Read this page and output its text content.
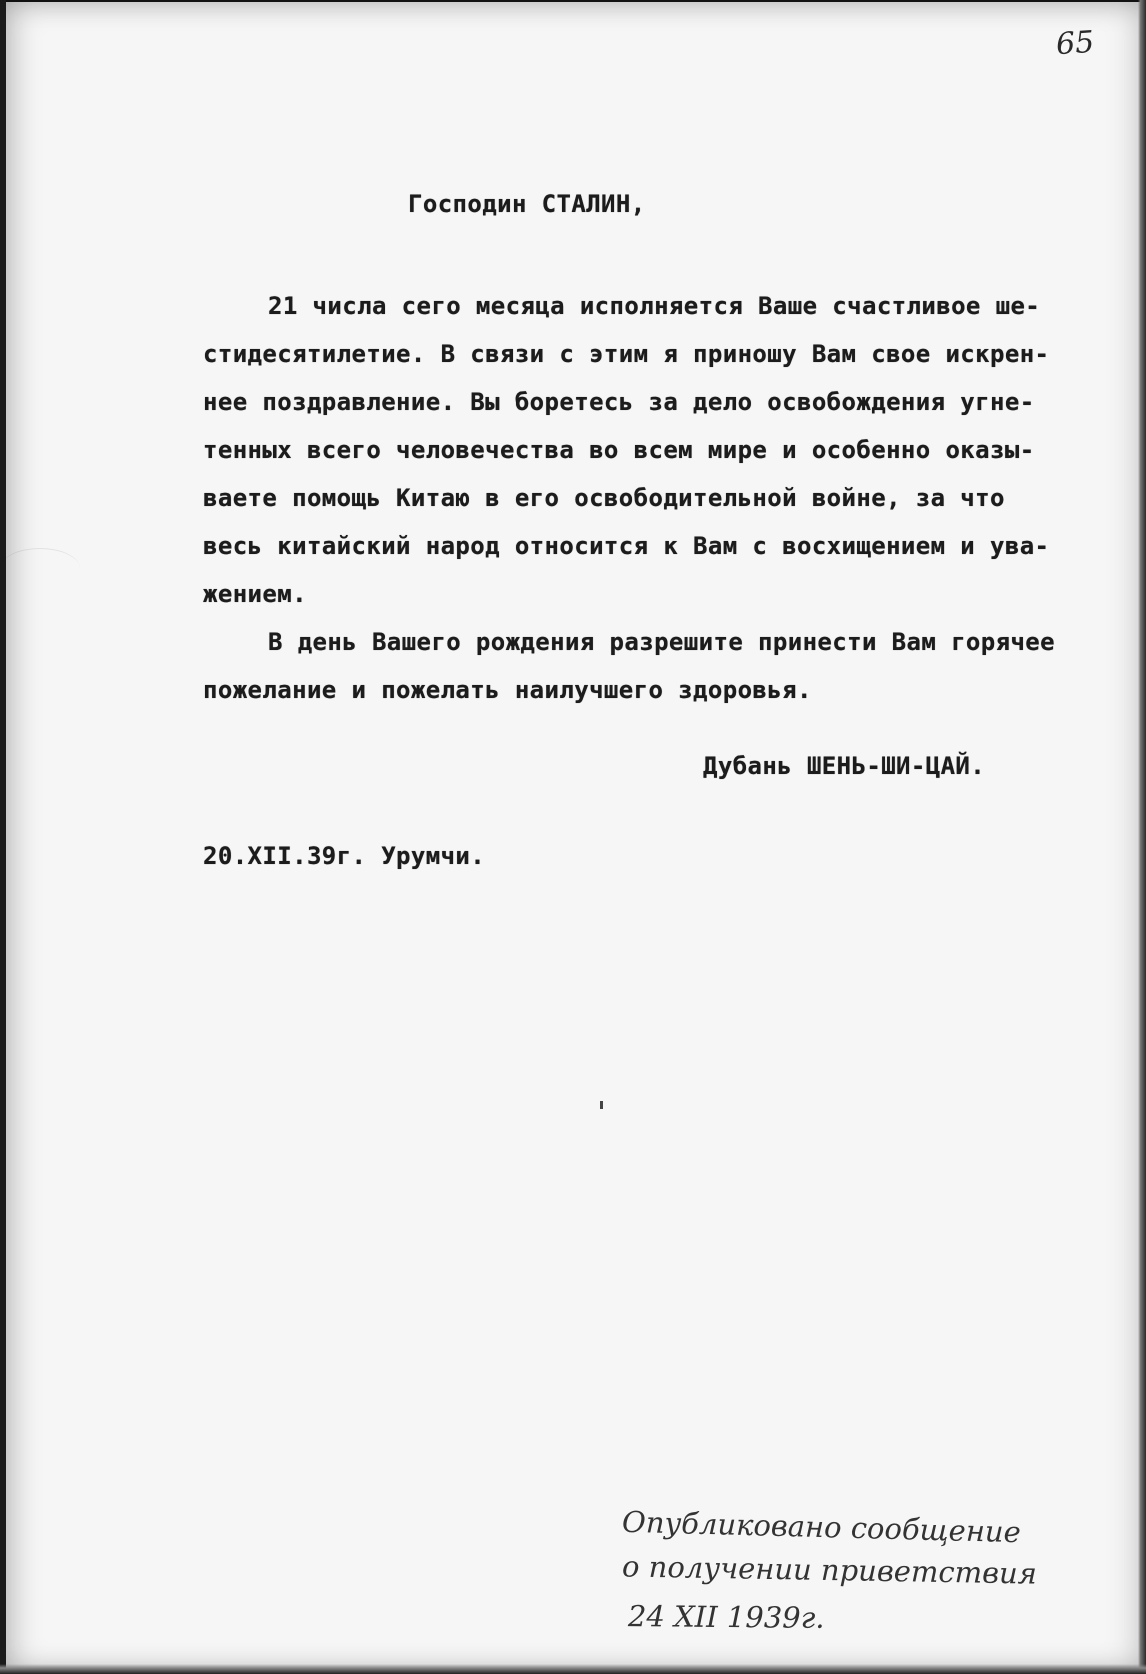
65
Господин СТАЛИН,
21 числа сего месяца исполняется Ваше счастливое ше-
стидесятилетие. В связи с этим я приношу Вам свое искрен-
нее поздравление. Вы боретесь за дело освобождения угне-
тенных всего человечества во всем мире и особенно оказы-
ваете помощь Китаю в его освободительной войне, за что
весь китайский народ относится к Вам с восхищением и ува-
жением.
В день Вашего рождения разрешите принести Вам горячее
пожелание и пожелать наилучшего здоровья.
Дубань ШЕНЬ-ШИ-ЦАЙ.
20.XII.39г. Урумчи.
Опубликовано сообщение
о получении приветствия
24 XII 1939г.
